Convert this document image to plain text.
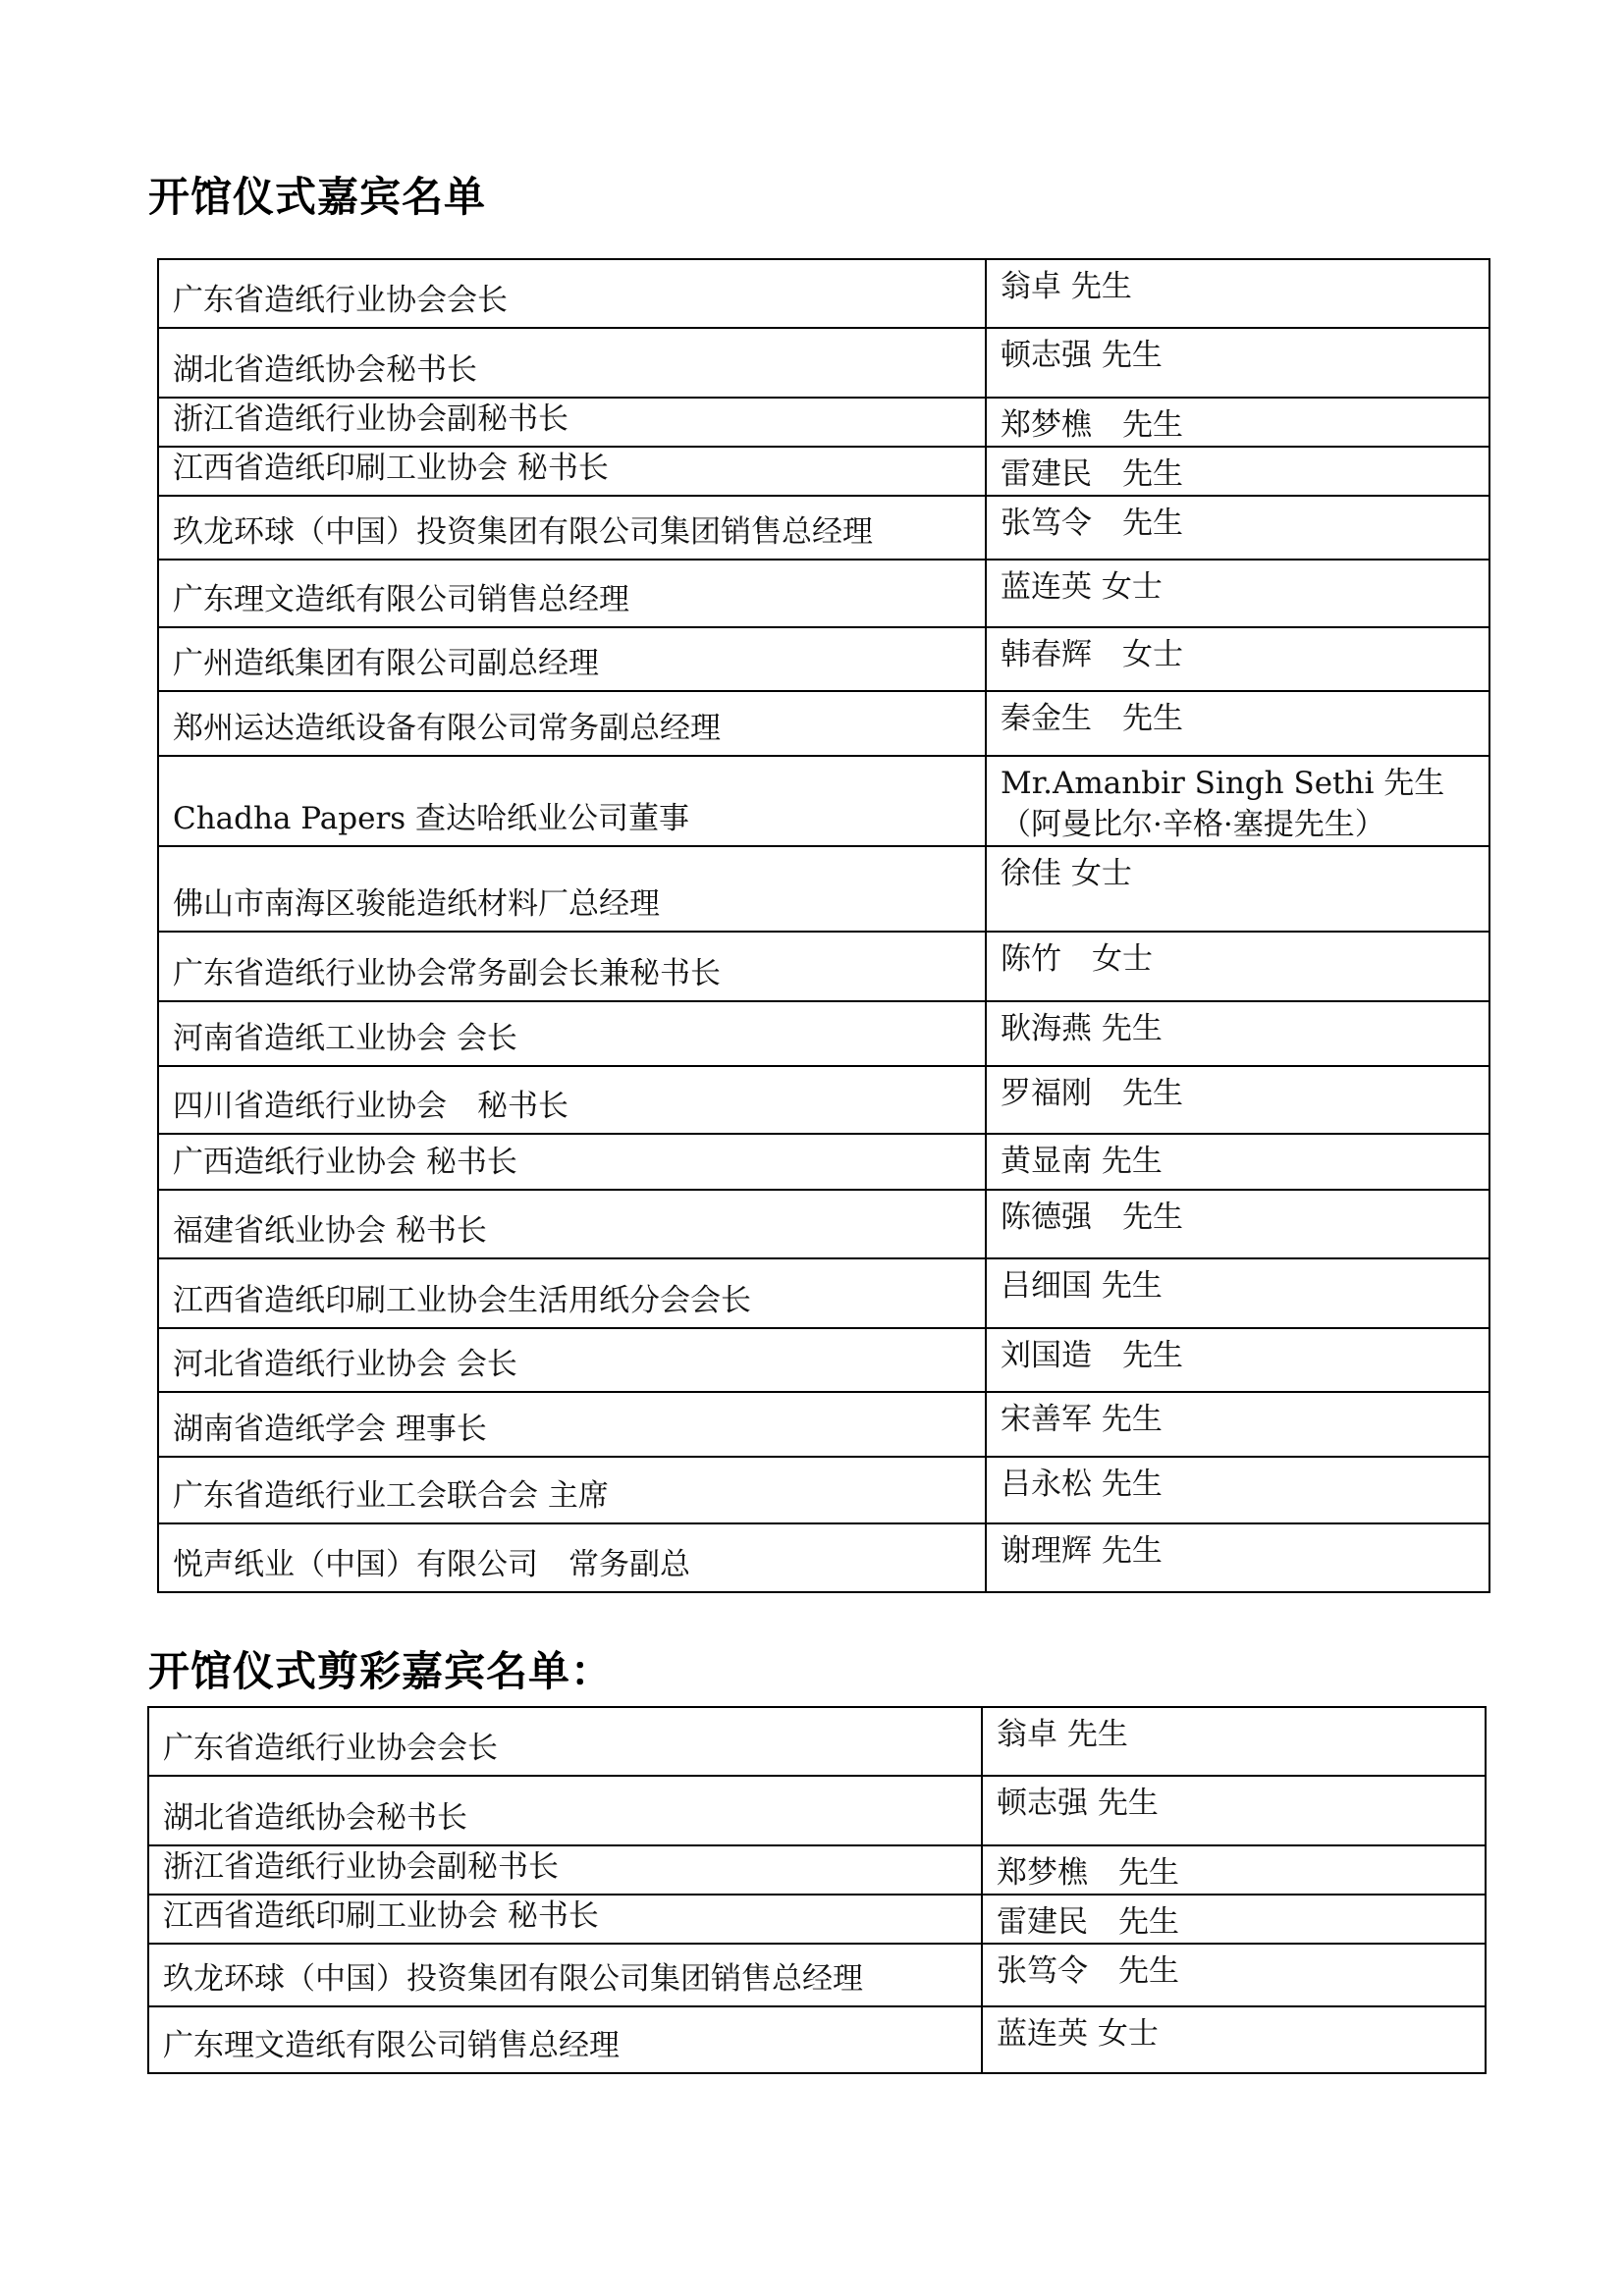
开馆仪式嘉宾名单
广东省造纸行业协会会长	翁卓 先生

湖北省造纸协会秘书长	顿志强 先生

浙江省造纸行业协会副秘书长	郑梦樵　先生

江西省造纸印刷工业协会 秘书长	雷建民　先生

玖龙环球（中国）投资集团有限公司集团销售总经理	张笃令　先生

广东理文造纸有限公司销售总经理	蓝连英 女士

广州造纸集团有限公司副总经理	韩春辉　女士

郑州运达造纸设备有限公司常务副总经理	秦金生　先生

Chadha Papers 查达哈纸业公司董事	Mr.Amanbir Singh Sethi 先生
（阿曼比尔·辛格·塞提先生）

佛山市南海区骏能造纸材料厂总经理	徐佳 女士

广东省造纸行业协会常务副会长兼秘书长	陈竹　女士

河南省造纸工业协会 会长	耿海燕 先生

四川省造纸行业协会　秘书长	罗福刚　先生

广西造纸行业协会 秘书长	黄显南 先生

福建省纸业协会 秘书长	陈德强　先生

江西省造纸印刷工业协会生活用纸分会会长	吕细国 先生

河北省造纸行业协会 会长	刘国造　先生

湖南省造纸学会 理事长	宋善军 先生

广东省造纸行业工会联合会 主席	吕永松 先生

悦声纸业（中国）有限公司　常务副总	谢理辉 先生
开馆仪式剪彩嘉宾名单：
广东省造纸行业协会会长	翁卓 先生

湖北省造纸协会秘书长	顿志强 先生

浙江省造纸行业协会副秘书长	郑梦樵　先生

江西省造纸印刷工业协会 秘书长	雷建民　先生

玖龙环球（中国）投资集团有限公司集团销售总经理	张笃令　先生

广东理文造纸有限公司销售总经理	蓝连英 女士
